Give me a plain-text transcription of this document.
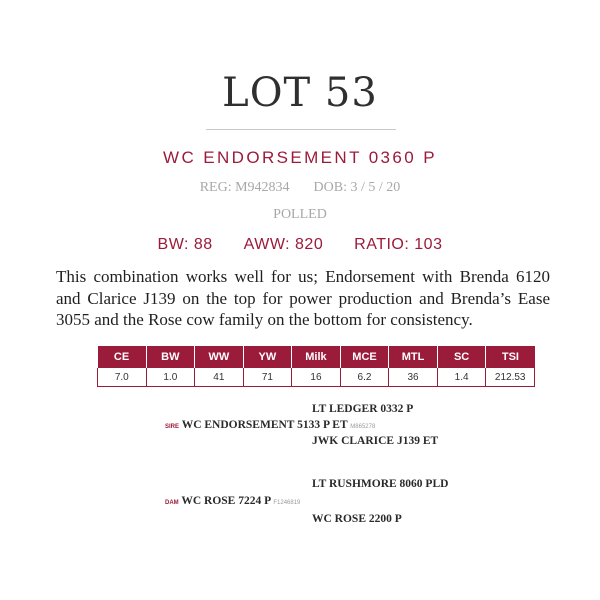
LOT 53
WC ENDORSEMENT 0360 P
REG: M942834 DOB: 3 / 5 / 20
POLLED
BW: 88 AWW: 820 RATIO: 103
This combination works well for us; Endorsement with Brenda 6120 and Clarice J139 on the top for power production and Brenda’s Ease 3055 and the Rose cow family on the bottom for consistency.
CE	BW	WW	YW	Milk	MCE	MTL	SC	TSI
7.0	1.0	41	71	16	6.2	36	1.4	212.53
LT LEDGER 0332 P
SIRE WC ENDORSEMENT 5133 P ET M865278
JWK CLARICE J139 ET
LT RUSHMORE 8060 PLD
DAM WC ROSE 7224 P F1246819
WC ROSE 2200 P
